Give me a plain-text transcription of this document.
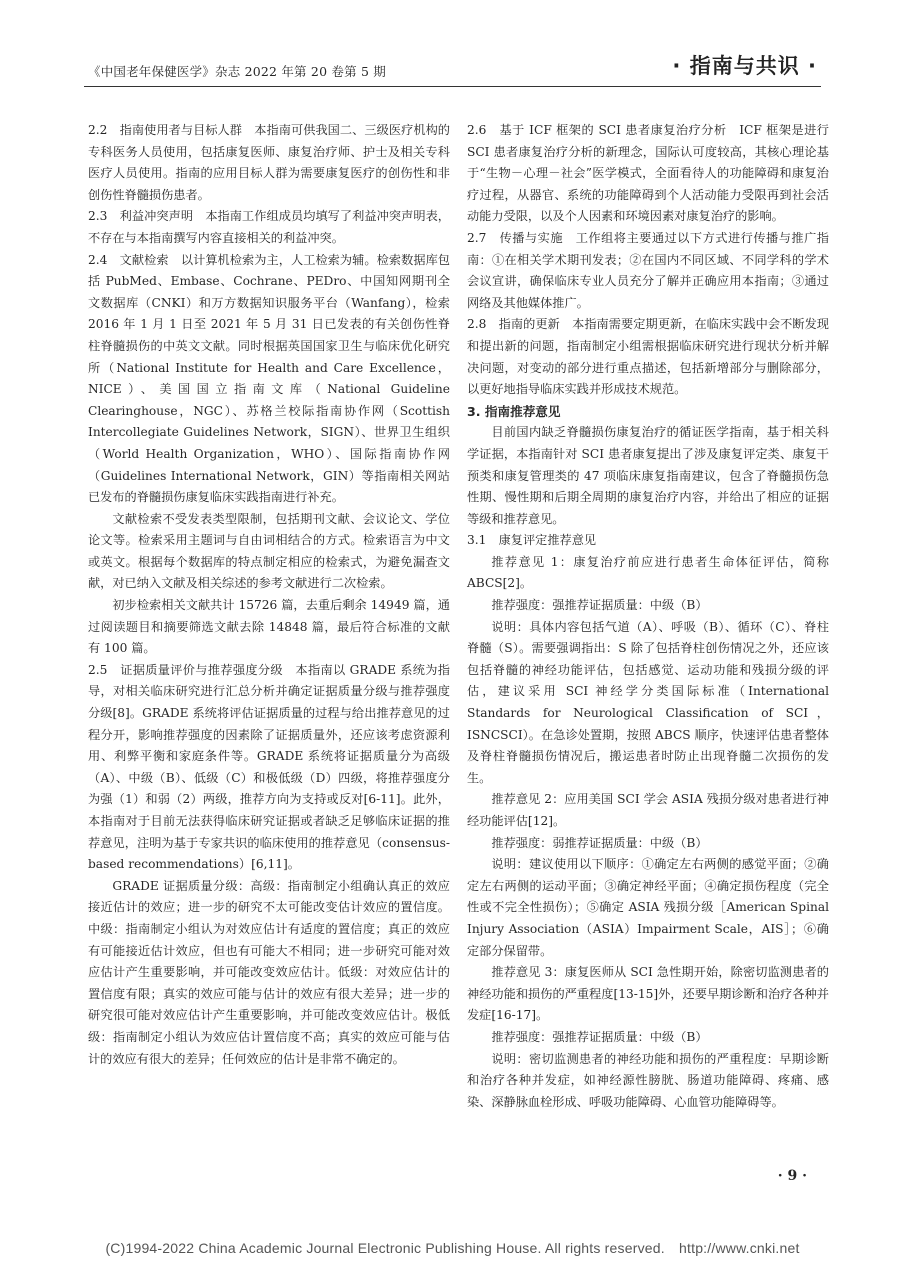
《中国老年保健医学》杂志 2022 年第 20 卷第 5 期	· 指南与共识 ·

2.2　指南使用者与目标人群　本指南可供我国二、三级医疗机构的专科医务人员使用，包括康复医师、康复治疗师、护士及相关专科医疗人员使用。指南的应用目标人群为需要康复医疗的创伤性和非创伤性脊髓损伤患者。

2.3　利益冲突声明　本指南工作组成员均填写了利益冲突声明表，不存在与本指南撰写内容直接相关的利益冲突。

2.4　文献检索　以计算机检索为主，人工检索为辅。检索数据库包括 PubMed、Embase、Cochrane、PEDro、中国知网期刊全文数据库（CNKI）和万方数据知识服务平台（Wanfang），检索 2016 年 1 月 1 日至 2021 年 5 月 31 日已发表的有关创伤性脊柱脊髓损伤的中英文文献。同时根据英国国家卫生与临床优化研究所（National Institute for Health and Care Excellence，NICE）、美国国立指南文库（National Guideline Clearinghouse，NGC）、苏格兰校际指南协作网（Scottish Intercollegiate Guidelines Network，SIGN）、世界卫生组织（World Health Organization，WHO）、国际指南协作网（Guidelines International Network，GIN）等指南相关网站已发布的脊髓损伤康复临床实践指南进行补充。

文献检索不受发表类型限制，包括期刊文献、会议论文、学位论文等。检索采用主题词与自由词相结合的方式。检索语言为中文或英文。根据每个数据库的特点制定相应的检索式，为避免漏查文献，对已纳入文献及相关综述的参考文献进行二次检索。

初步检索相关文献共计 15726 篇，去重后剩余 14949 篇，通过阅读题目和摘要筛选文献去除 14848 篇，最后符合标准的文献有 100 篇。

2.5　证据质量评价与推荐强度分级　本指南以 GRADE 系统为指导，对相关临床研究进行汇总分析并确定证据质量分级与推荐强度分级[8]。GRADE 系统将评估证据质量的过程与给出推荐意见的过程分开，影响推荐强度的因素除了证据质量外，还应该考虑资源利用、利弊平衡和家庭条件等。GRADE 系统将证据质量分为高级（A）、中级（B）、低级（C）和极低级（D）四级，将推荐强度分为强（1）和弱（2）两级，推荐方向为支持或反对[6-11]。此外，本指南对于目前无法获得临床研究证据或者缺乏足够临床证据的推荐意见，注明为基于专家共识的临床使用的推荐意见（consensus-based recommendations）[6,11]。

GRADE 证据质量分级：高级：指南制定小组确认真正的效应接近估计的效应；进一步的研究不太可能改变估计效应的置信度。中级：指南制定小组认为对效应估计有适度的置信度；真正的效应有可能接近估计效应，但也有可能大不相同；进一步研究可能对效应估计产生重要影响，并可能改变效应估计。低级：对效应估计的置信度有限；真实的效应可能与估计的效应有很大差异；进一步的研究很可能对效应估计产生重要影响，并可能改变效应估计。极低级：指南制定小组认为效应估计置信度不高；真实的效应可能与估计的效应有很大的差异；任何效应的估计是非常不确定的。

2.6　基于 ICF 框架的 SCI 患者康复治疗分析　ICF 框架是进行 SCI 患者康复治疗分析的新理念，国际认可度较高，其核心理论基于“生物－心理－社会”医学模式，全面看待人的功能障碍和康复治疗过程，从器官、系统的功能障碍到个人活动能力受限再到社会活动能力受限，以及个人因素和环境因素对康复治疗的影响。

2.7　传播与实施　工作组将主要通过以下方式进行传播与推广指南：①在相关学术期刊发表；②在国内不同区域、不同学科的学术会议宣讲，确保临床专业人员充分了解并正确应用本指南；③通过网络及其他媒体推广。

2.8　指南的更新　本指南需要定期更新，在临床实践中会不断发现和提出新的问题，指南制定小组需根据临床研究进行现状分析并解决问题，对变动的部分进行重点描述，包括新增部分与删除部分，以更好地指导临床实践并形成技术规范。

3. 指南推荐意见

目前国内缺乏脊髓损伤康复治疗的循证医学指南，基于相关科学证据，本指南针对 SCI 患者康复提出了涉及康复评定类、康复干预类和康复管理类的 47 项临床康复指南建议，包含了脊髓损伤急性期、慢性期和后期全周期的康复治疗内容，并给出了相应的证据等级和推荐意见。

3.1　康复评定推荐意见

推荐意见 1：康复治疗前应进行患者生命体征评估，简称 ABCS[2]。

推荐强度：强推荐证据质量：中级（B）

说明：具体内容包括气道（A）、呼吸（B）、循环（C）、脊柱脊髓（S）。需要强调指出：S 除了包括脊柱创伤情况之外，还应该包括脊髓的神经功能评估，包括感觉、运动功能和残损分级的评估，建议采用 SCI 神经学分类国际标准（International Standards for Neurological Classification of SCI，ISNCSCI）。在急诊处置期，按照 ABCS 顺序，快速评估患者整体及脊柱脊髓损伤情况后，搬运患者时防止出现脊髓二次损伤的发生。

推荐意见 2：应用美国 SCI 学会 ASIA 残损分级对患者进行神经功能评估[12]。

推荐强度：弱推荐证据质量：中级（B）

说明：建议使用以下顺序：①确定左右两侧的感觉平面；②确定左右两侧的运动平面；③确定神经平面；④确定损伤程度（完全性或不完全性损伤）；⑤确定 ASIA 残损分级［American Spinal Injury Association（ASIA）Impairment Scale，AIS］；⑥确定部分保留带。

推荐意见 3：康复医师从 SCI 急性期开始，除密切监测患者的神经功能和损伤的严重程度[13-15]外，还要早期诊断和治疗各种并发症[16-17]。

推荐强度：强推荐证据质量：中级（B）

说明：密切监测患者的神经功能和损伤的严重程度：早期诊断和治疗各种并发症，如神经源性膀胱、肠道功能障碍、疼痛、感染、深静脉血栓形成、呼吸功能障碍、心血管功能障碍等。

· 9 ·
(C)1994-2022 China Academic Journal Electronic Publishing House. All rights reserved.　http://www.cnki.net
